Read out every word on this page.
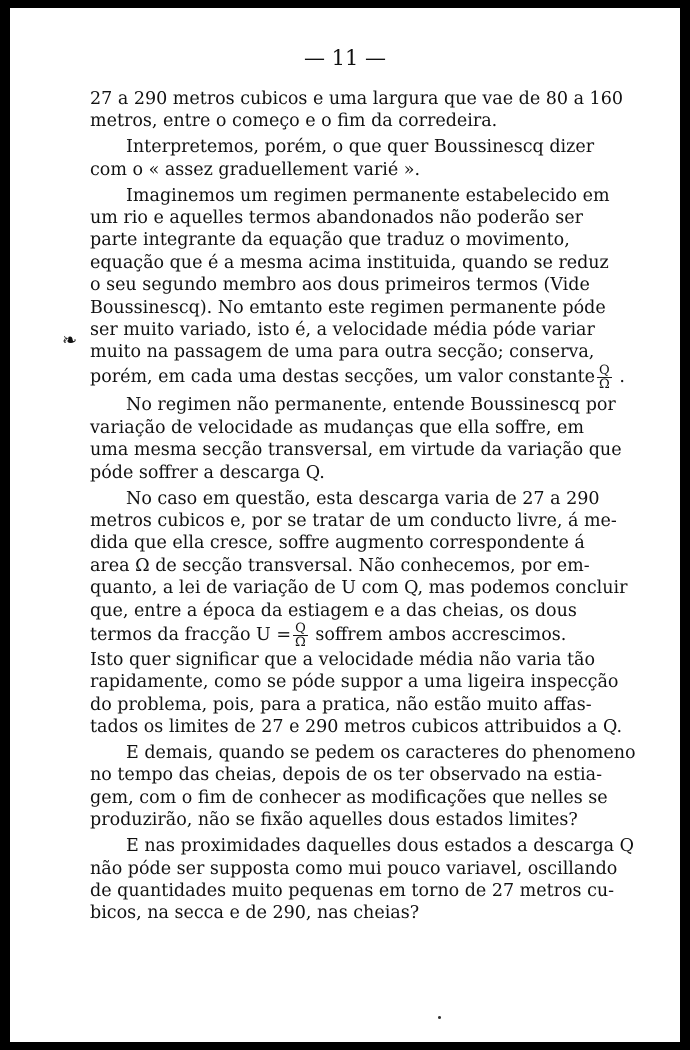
— 11 —
❧
27 a 290 metros cubicos e uma largura que vae de 80 a 160
metros, entre o começo e o fim da corredeira.
Interpretemos, porém, o que quer Boussinescq dizer
com o « assez graduellement varié ».
Imaginemos um regimen permanente estabelecido em
um rio e aquelles termos abandonados não poderão ser
parte integrante da equação que traduz o movimento,
equação que é a mesma acima instituida, quando se reduz
o seu segundo membro aos dous primeiros termos (Vide
Boussinescq). No emtanto este regimen permanente póde
ser muito variado, isto é, a velocidade média póde variar
muito na passagem de uma para outra secção; conserva,
porém, em cada uma destas secções, um valor constante $\frac{Q}{\Omega}$ .
No regimen não permanente, entende Boussinescq por
variação de velocidade as mudanças que ella soffre, em
uma mesma secção transversal, em virtude da variação que
póde soffrer a descarga Q.
No caso em questão, esta descarga varia de 27 a 290
metros cubicos e, por se tratar de um conducto livre, á me-
dida que ella cresce, soffre augmento correspondente á
area Ω de secção transversal. Não conhecemos, por em-
quanto, a lei de variação de U com Q, mas podemos concluir
que, entre a época da estiagem e a das cheias, os dous
termos da fracção $U = \frac{Q}{\Omega}$ soffrem ambos accrescimos.
Isto quer significar que a velocidade média não varia tão
rapidamente, como se póde suppor a uma ligeira inspecção
do problema, pois, para a pratica, não estão muito affas-
tados os limites de 27 e 290 metros cubicos attribuidos a Q.
E demais, quando se pedem os caracteres do phenomeno
no tempo das cheias, depois de os ter observado na estia-
gem, com o fim de conhecer as modificações que nelles se
produzirão, não se fixão aquelles dous estados limites?
E nas proximidades daquelles dous estados a descarga Q
não póde ser supposta como mui pouco variavel, oscillando
de quantidades muito pequenas em torno de 27 metros cu-
bicos, na secca e de 290, nas cheias?
